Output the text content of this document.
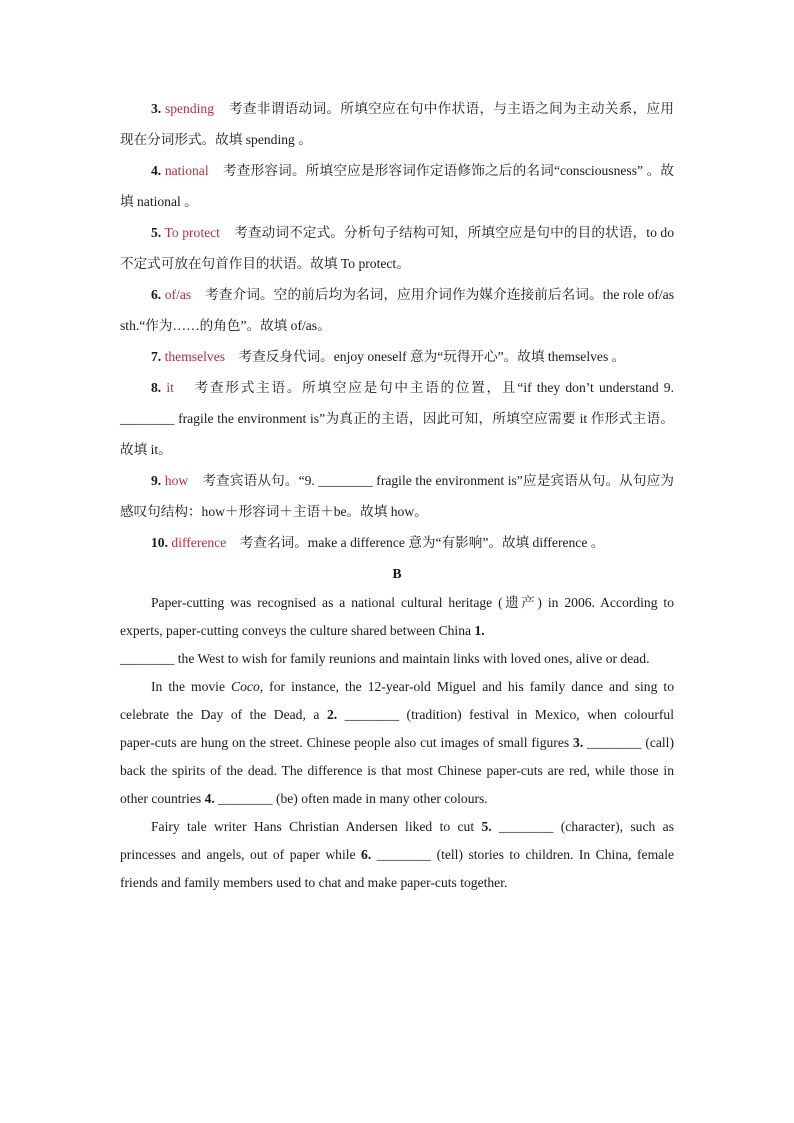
3. spending 考查非谓语动词。所填空应在句中作状语，与主语之间为主动关系，应用现在分词形式。故填 spending 。

4. national 考查形容词。所填空应是形容词作定语修饰之后的名词“consciousness” 。故填 national 。

5. To protect 考查动词不定式。分析句子结构可知，所填空应是句中的目的状语，to do 不定式可放在句首作目的状语。故填 To protect。

6. of/as 考查介词。空的前后均为名词，应用介词作为媒介连接前后名词。the role of/as sth.“作为……的角色”。故填 of/as。

7. themselves 考查反身代词。enjoy oneself 意为“玩得开心”。故填 themselves 。

8. it 考查形式主语。所填空应是句中主语的位置，且“if they don’t understand 9. ________ fragile the environment is”为真正的主语，因此可知，所填空应需要 it 作形式主语。故填 it。

9. how 考查宾语从句。“9. ________ fragile the environment is”应是宾语从句。从句应为感叹句结构：how＋形容词＋主语＋be。故填 how。

10. difference 考查名词。make a difference 意为“有影响”。故填 difference 。

B

Paper‑cutting was recognised as a national cultural heritage (遗产) in 2006. According to experts, paper‑cutting conveys the culture shared between China 1.
________ the West to wish for family reunions and maintain links with loved ones, alive or dead.

In the movie Coco, for instance, the 12-year-old Miguel and his family dance and sing to celebrate the Day of the Dead, a 2. ________ (tradition) festival in Mexico, when colourful paper‑cuts are hung on the street. Chinese people also cut images of small figures 3. ________ (call) back the spirits of the dead. The difference is that most Chinese paper-cuts are red, while those in other countries 4. ________ (be) often made in many other colours.

Fairy tale writer Hans Christian Andersen liked to cut 5. ________ (character), such as princesses and angels, out of paper while 6. ________ (tell) stories to children. In China, female friends and family members used to chat and make paper-cuts together.
